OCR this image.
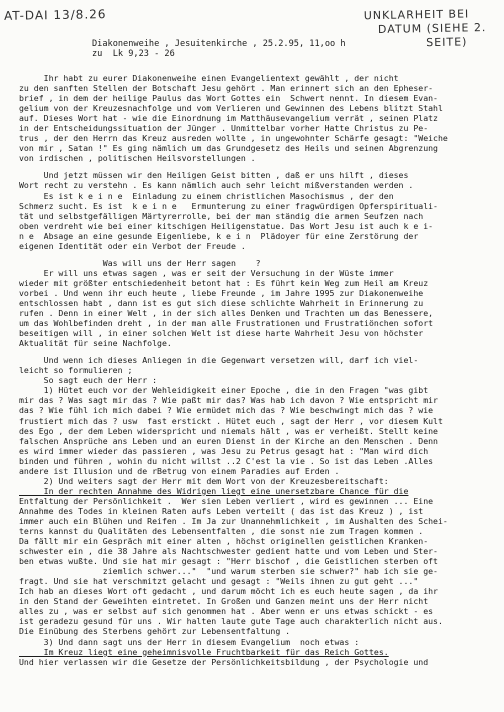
AT-DAI 13/8.26	UNKLARHEIT BEI
DATUM (SIEHE 2.
SEITE)
Diakonenweihe , Jesuitenkirche , 25.2.95, 11,oo h
zu  Lk 9,23 - 26
Ihr habt zu eurer Diakonenweihe einen Evangelientext gewählt , der nicht
zu den sanften Stellen der Botschaft Jesu gehört . Man erinnert sich an den Epheser-
brief , in dem der heilige Paulus das Wort Gottes ein  Schwert nennt. In diesem Evan-
gelium von der Kreuzesnachfolge und vom Verlieren und Gewinnen des Lebens blitzt Stahl
auf. Dieses Wort hat - wie die Einordnung im Matthäusevangelium verrät , seinen Platz
in der Entscheidungssituation der Jünger . Unmittelbar vorher Hatte Christus zu Pe-
trus , der den Herrn das Kreuz ausreden wollte , in ungewohnter Schärfe gesagt: "Weiche
von mir , Satan !" Es ging nämlich um das Grundgesetz des Heils und seinen Abgrenzung
von irdischen , politischen Heilsvorstellungen .
Und jetzt müssen wir den Heiligen Geist bitten , daß er uns hilft , dieses
Wort recht zu verstehn . Es kann nämlich auch sehr leicht mißverstanden werden .
Es ist k e i n e  Einladung zu einem christlichen Masochismus , der den
Schmerz sucht. Es ist  k e i n e   Ermunterung zu einer fragwürdigen Opferspirituali-
tät und selbstgefälligen Märtyrerrolle, bei der man ständig die armen Seufzen nach
oben verdreht wie bei einer kitschigen Heiligenstatue. Das Wort Jesu ist auch k e i-
n e  Absage an eine gesunde Eigenliebe, k e i n  Plädoyer für eine Zerstörung der
eigenen Identität oder ein Verbot der Freude .
Was will uns der Herr sagen    ?
Er will uns etwas sagen , was er seit der Versuchung in der Wüste immer
wieder mit größter entschiedenheit betont hat : Es führt kein Weg zum Heil am Kreuz
vorbei . Und wenn ihr euch heute , liebe Freunde , im Jahre 1995 zur Diakonenweihe
entschlossen habt , dann ist es gut sich diese schlichte Wahrheit in Erinnerung zu
rufen . Denn in einer Welt , in der sich alles Denken und Trachten um das Benessere,
um das Wohlbefinden dreht , in der man alle Frustrationen und Frustratiönchen sofort
beseitigen will , in einer solchen Welt ist diese harte Wahrheit Jesu von höchster
Aktualität für seine Nachfolge.
Und wenn ich dieses Anliegen in die Gegenwart versetzen will, darf ich viel-
leicht so formulieren ;
So sagt euch der Herr :
1) Hütet euch vor der Wehleidigkeit einer Epoche , die in den Fragen "was gibt
mir das ? Was sagt mir das ? Wie paßt mir das? Was hab ich davon ? Wie entspricht mir
das ? Wie fühl ich mich dabei ? Wie ermüdet mich das ? Wie beschwingt mich das ? wie
frustiert mich das ? usw  fast erstickt . Hütet euch , sagt der Herr , vor diesem Kult
des Ego , der dem Leben widerspricht und niemals hält , was er verheißt. Stellt keine
falschen Ansprüche ans Leben und an euren Dienst in der Kirche an den Menschen . Denn
es wird immer wieder das passieren , was Jesu zu Petrus gesagt hat : "Man wird dich
binden und führen , wohin du nicht willst ..2 C'est la vie . So ist das Leben .Alles
andere ist Illusion und de rBetrug von einem Paradies auf Erden .
2) Und weiters sagt der Herr mit dem Wort von der Kreuzesbereitschaft:
In der rechten Annahme des Widrigen liegt eine unersetzbare Chance für die
Entfaltung der Persönlichkeit .  Wer sien Leben verliert , wird es gewinnen ... Eine
Annahme des Todes in kleinen Raten aufs Leben verteilt ( das ist das Kreuz ) , ist
immer auch ein Blühen und Reifen . Im Ja zur Unannehmlichkeit , im Aushalten des Schei-
terns kannst du Qualitäten des Lebensentfalten , die sonst nie zum Tragen kommen .
Da fällt mir ein Gespräch mit einer alten , höchst originellen geistlichen Kranken-
schwester ein , die 38 Jahre als Nachtschwester gedient hatte und vom Leben und Ster-
ben etwas wußte. Und sie hat mir gesagt : "Herr bischof , die Geistlichen sterben oft
ziemlich schwer..."  "und warum sterben sie schwer?" hab ich sie ge-
fragt. Und sie hat verschmitzt gelacht und gesagt : "Weils ihnen zu gut geht ..."
Ich hab an dieses Wort oft gedacht , und darum möcht ich es euch heute sagen , da ihr
in den Stand der Geweihten eintretet. In Großen und Ganzen meint uns der Herr nicht
alles zu , was er selbst auf sich genommen hat . Aber wenn er uns etwas schickt - es
ist geradezu gesund für uns . Wir halten laute gute Tage auch charakterlich nicht aus.
Die Einübung des Sterbens gehört zur Lebensentfaltung .
3) Und dann sagt uns der Herr in diesem Evangelium  noch etwas :
Im Kreuz liegt eine geheimnisvolle Fruchtbarkeit für das Reich Gottes.
Und hier verlassen wir die Gesetze der Persönlichkeitsbildung , der Psychologie und
